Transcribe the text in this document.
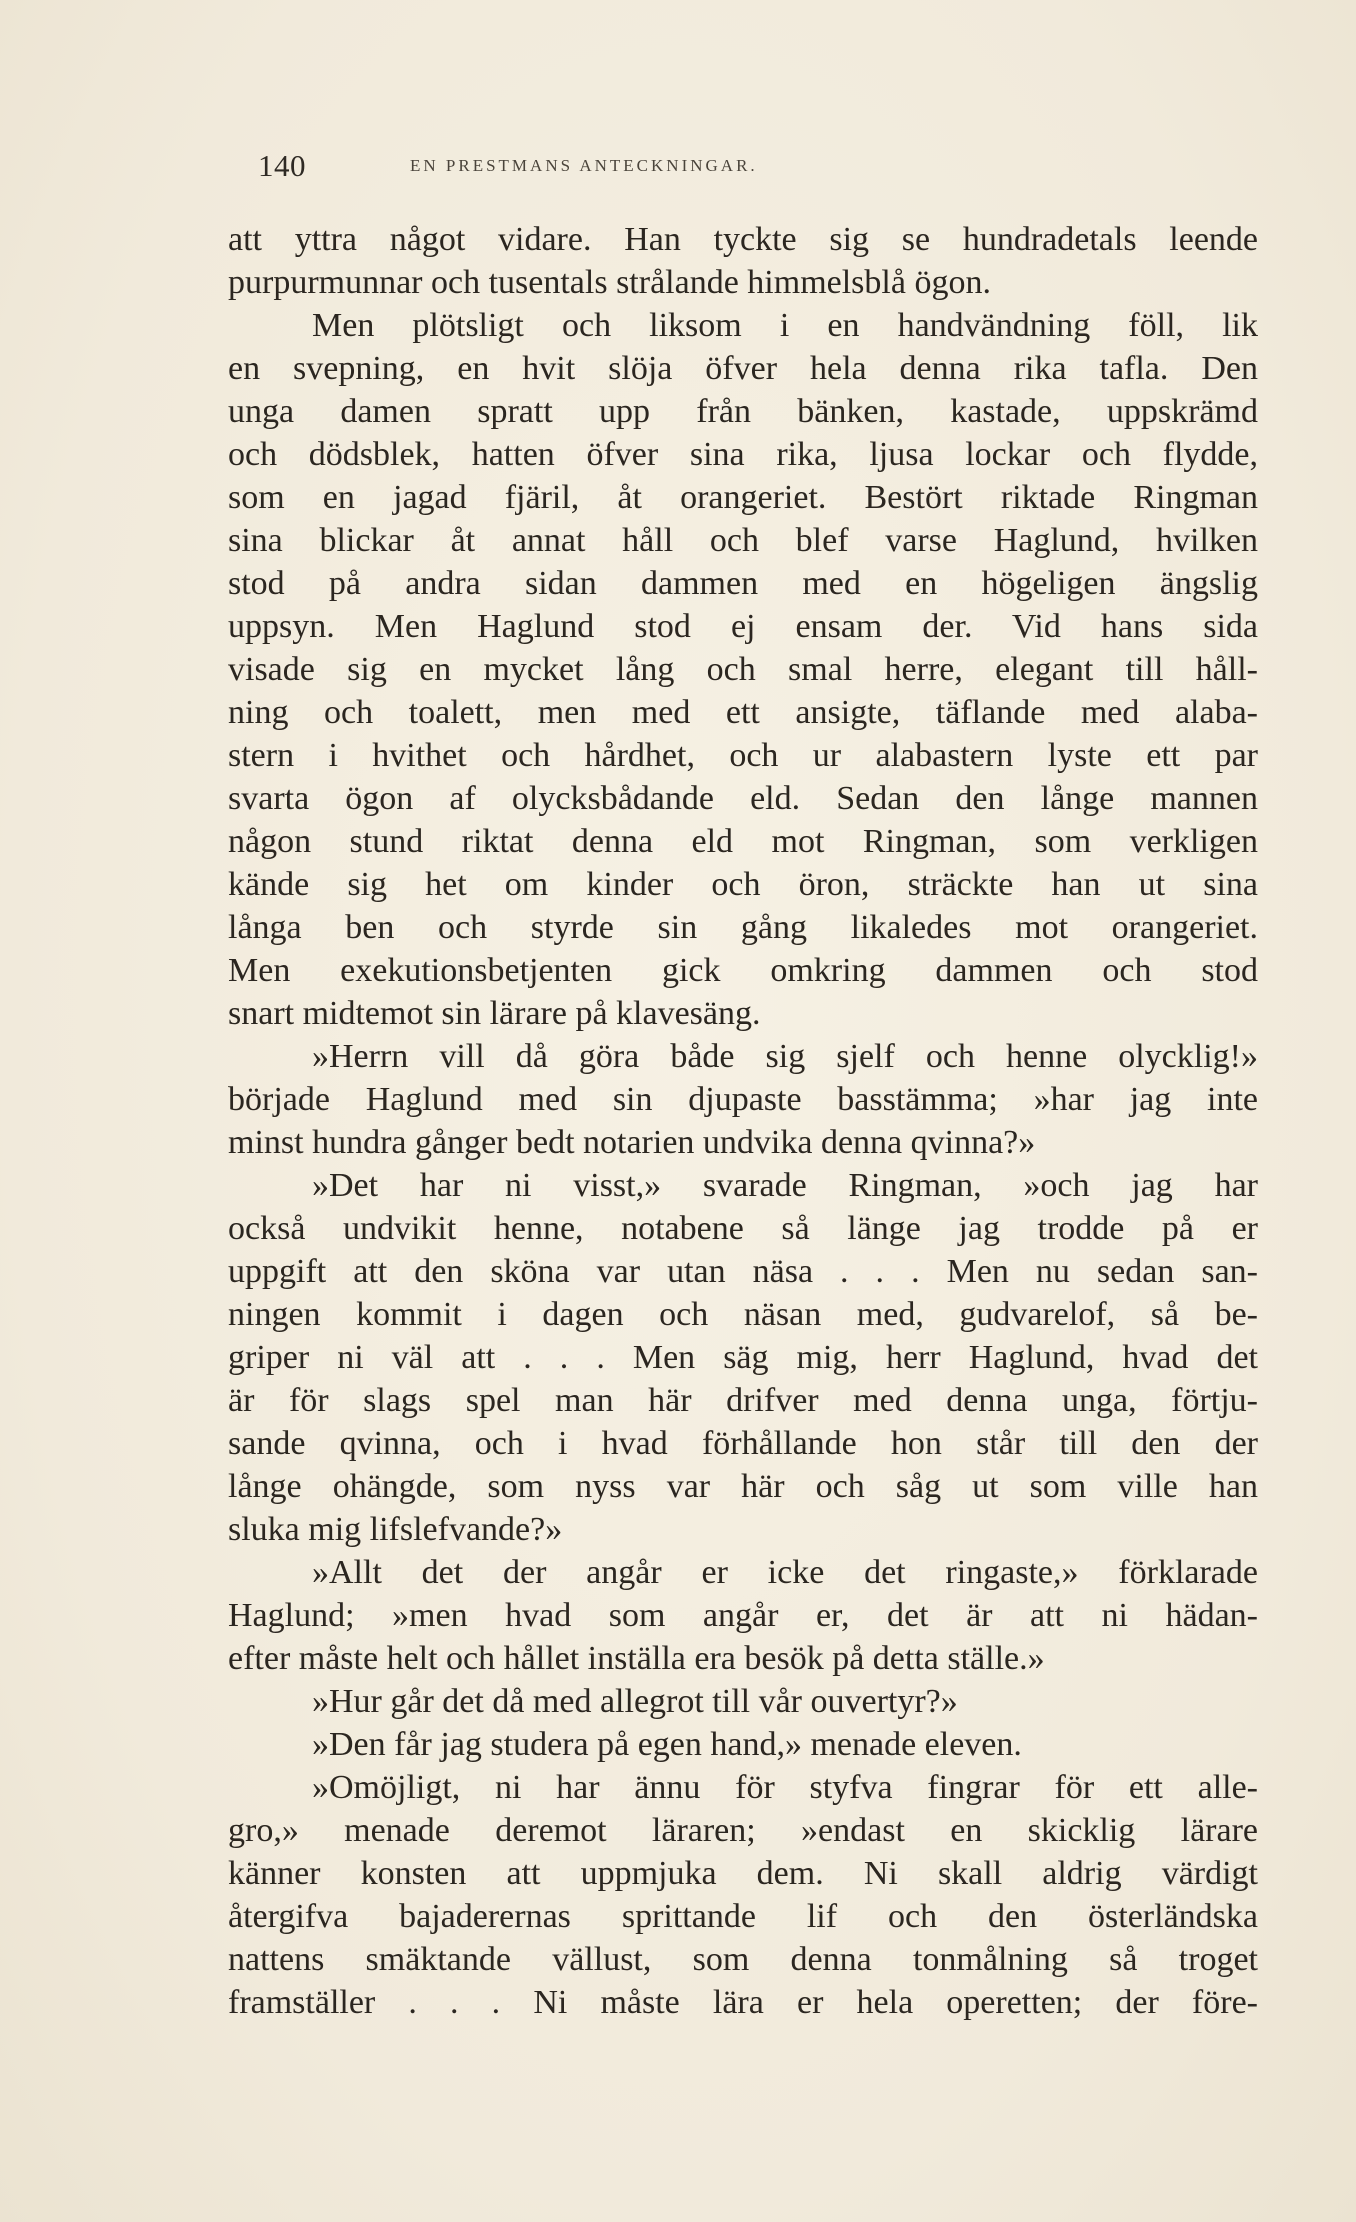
140	EN PRESTMANS ANTECKNINGAR.
att yttra något vidare. Han tyckte sig se hundradetals leende
purpurmunnar och tusentals strålande himmelsblå ögon.
Men plötsligt och liksom i en handvändning föll, lik
en svepning, en hvit slöja öfver hela denna rika tafla. Den
unga damen spratt upp från bänken, kastade, uppskrämd
och dödsblek, hatten öfver sina rika, ljusa lockar och flydde,
som en jagad fjäril, åt orangeriet. Bestört riktade Ringman
sina blickar åt annat håll och blef varse Haglund, hvilken
stod på andra sidan dammen med en högeligen ängslig
uppsyn. Men Haglund stod ej ensam der. Vid hans sida
visade sig en mycket lång och smal herre, elegant till håll-
ning och toalett, men med ett ansigte, täflande med alaba-
stern i hvithet och hårdhet, och ur alabastern lyste ett par
svarta ögon af olycksbådande eld. Sedan den långe mannen
någon stund riktat denna eld mot Ringman, som verkligen
kände sig het om kinder och öron, sträckte han ut sina
långa ben och styrde sin gång likaledes mot orangeriet.
Men exekutionsbetjenten gick omkring dammen och stod
snart midtemot sin lärare på klavesäng.
»Herrn vill då göra både sig sjelf och henne olycklig!»
började Haglund med sin djupaste basstämma; »har jag inte
minst hundra gånger bedt notarien undvika denna qvinna?»
»Det har ni visst,» svarade Ringman, »och jag har
också undvikit henne, notabene så länge jag trodde på er
uppgift att den sköna var utan näsa . . . Men nu sedan san-
ningen kommit i dagen och näsan med, gudvarelof, så be-
griper ni väl att . . . Men säg mig, herr Haglund, hvad det
är för slags spel man här drifver med denna unga, förtju-
sande qvinna, och i hvad förhållande hon står till den der
långe ohängde, som nyss var här och såg ut som ville han
sluka mig lifslefvande?»
»Allt det der angår er icke det ringaste,» förklarade
Haglund; »men hvad som angår er, det är att ni hädan-
efter måste helt och hållet inställa era besök på detta ställe.»
»Hur går det då med allegrot till vår ouvertyr?»
»Den får jag studera på egen hand,» menade eleven.
»Omöjligt, ni har ännu för styfva fingrar för ett alle-
gro,» menade deremot läraren; »endast en skicklig lärare
känner konsten att uppmjuka dem. Ni skall aldrig värdigt
återgifva bajaderernas sprittande lif och den österländska
nattens smäktande vällust, som denna tonmålning så troget
framställer . . . Ni måste lära er hela operetten; der före-
